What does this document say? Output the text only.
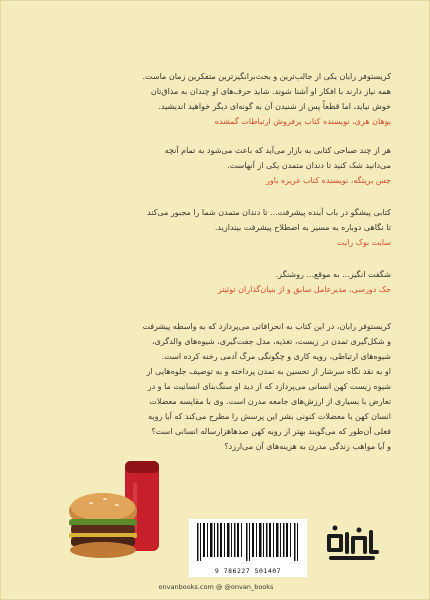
کریستوفر رایان یکی از جالب‌ترین و بحث‌برانگیزترین متفکرین زمان ماست.

همه نیاز دارند با افکار او آشنا شوند. شاید حرف‌های او چندان به مذاق‌تان

خوش نیاید، اما قطعاً پس از شنیدن آن به گونه‌ای دیگر خواهید اندیشید.

یوهان هری، نویسنده کتاب پرفروش ارتباطات گمشده

هر از چند صباحی کتابی به بازار می‌آید که باعث می‌شود به تمام آنچه

می‌دانید شک کنید تا دندان متمدن یکی از آنهاست.

جس بریتگه، نویسنده کتاب غریزه باور

کتابی پیشگو در باب آینده پیشرفت... تا دندان متمدن شما را مجبور می‌کند

تا نگاهی دوباره به مسیر به اصطلاح پیشرفت بیندازید.

سایت بوک رایت

شگفت انگیز... به موقع... روشنگر.

جک دورسی، مدیرعامل سابق و از بنیان‌گذاران توئیتر

کریستوفر رایان، در این کتاب به انحرافاتی می‌پردازد که به واسطه پیشرفت

و شکل‌گیری تمدن در زیست، تغذیه، مدل جفت‌گیری، شیوه‌های والدگری،

شیوه‌های ارتباطی، رویه کاری و چگونگی مرگ آدمی رخنه کرده است.

او به نقد نگاه سرشار از تحسین به تمدن پرداخته و به توصیف جلوه‌هایی از

شیوه زیست کهن انسانی می‌پردازد که از دید او سنگ‌بنای انسانیت ما و در

تعارض با بسیاری از ارزش‌های جامعه مدرن است. وی با مقایسه معضلات

انسان کهن با معضلات کنونی بشر این پرسش را مطرح می‌کند که آیا رویه

فعلی آن‌طور که می‌گویند بهتر از رویه کهن صدها‌هزارساله انسانی است؟

و آیا مواهب زندگی مدرن به هزینه‌های آن می‌ارزد؟

9 786227 501407
onvanbooks.com @ @onvan_books
